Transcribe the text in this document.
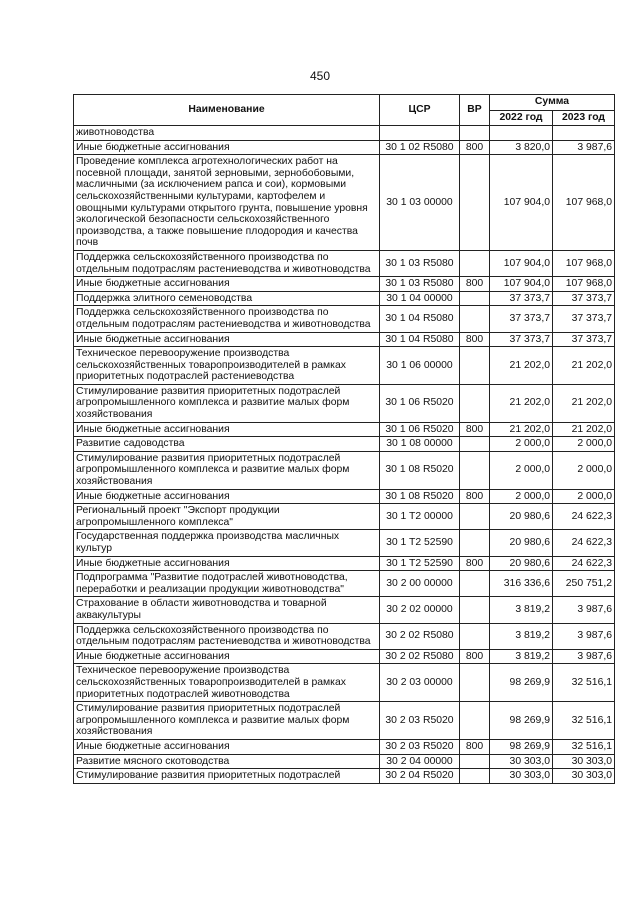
450
Наименование	ЦСР	ВР	Сумма	
			2022 год	2023 год
животноводства				
Иные бюджетные ассигнования	30 1 02 R5080	800	3 820,0	3 987,6
Проведение комплекса агротехнологических работ на посевной площади, занятой зерновыми, зернобобовыми, масличными (за исключением рапса и сои), кормовыми сельскохозяйственными культурами, картофелем и овощными культурами открытого грунта, повышение уровня экологической безопасности сельскохозяйственного производства, а также повышение плодородия и качества почв	30 1 03 00000		107 904,0	107 968,0
Поддержка сельскохозяйственного производства по отдельным подотраслям растениеводства и животноводства	30 1 03 R5080		107 904,0	107 968,0
Иные бюджетные ассигнования	30 1 03 R5080	800	107 904,0	107 968,0
Поддержка элитного семеноводства	30 1 04 00000		37 373,7	37 373,7
Поддержка сельскохозяйственного производства по отдельным подотраслям растениеводства и животноводства	30 1 04 R5080		37 373,7	37 373,7
Иные бюджетные ассигнования	30 1 04 R5080	800	37 373,7	37 373,7
Техническое перевооружение производства сельскохозяйственных товаропроизводителей в рамках приоритетных подотраслей растениеводства	30 1 06 00000		21 202,0	21 202,0
Стимулирование развития приоритетных подотраслей агропромышленного комплекса и развитие малых форм хозяйствования	30 1 06 R5020		21 202,0	21 202,0
Иные бюджетные ассигнования	30 1 06 R5020	800	21 202,0	21 202,0
Развитие садоводства	30 1 08 00000		2 000,0	2 000,0
Стимулирование развития приоритетных подотраслей агропромышленного комплекса и развитие малых форм хозяйствования	30 1 08 R5020		2 000,0	2 000,0
Иные бюджетные ассигнования	30 1 08 R5020	800	2 000,0	2 000,0
Региональный проект "Экспорт продукции агропромышленного комплекса"	30 1 T2 00000		20 980,6	24 622,3
Государственная поддержка производства масличных культур	30 1 T2 52590		20 980,6	24 622,3
Иные бюджетные ассигнования	30 1 T2 52590	800	20 980,6	24 622,3
Подпрограмма "Развитие подотраслей животноводства, переработки и реализации продукции животноводства"	30 2 00 00000		316 336,6	250 751,2
Страхование в области животноводства и товарной аквакультуры	30 2 02 00000		3 819,2	3 987,6
Поддержка сельскохозяйственного производства по отдельным подотраслям растениеводства и животноводства	30 2 02 R5080		3 819,2	3 987,6
Иные бюджетные ассигнования	30 2 02 R5080	800	3 819,2	3 987,6
Техническое перевооружение производства сельскохозяйственных товаропроизводителей в рамках приоритетных подотраслей животноводства	30 2 03 00000		98 269,9	32 516,1
Стимулирование развития приоритетных подотраслей агропромышленного комплекса и развитие малых форм хозяйствования	30 2 03 R5020		98 269,9	32 516,1
Иные бюджетные ассигнования	30 2 03 R5020	800	98 269,9	32 516,1
Развитие мясного скотоводства	30 2 04 00000		30 303,0	30 303,0
Стимулирование развития приоритетных подотраслей	30 2 04 R5020		30 303,0	30 303,0
